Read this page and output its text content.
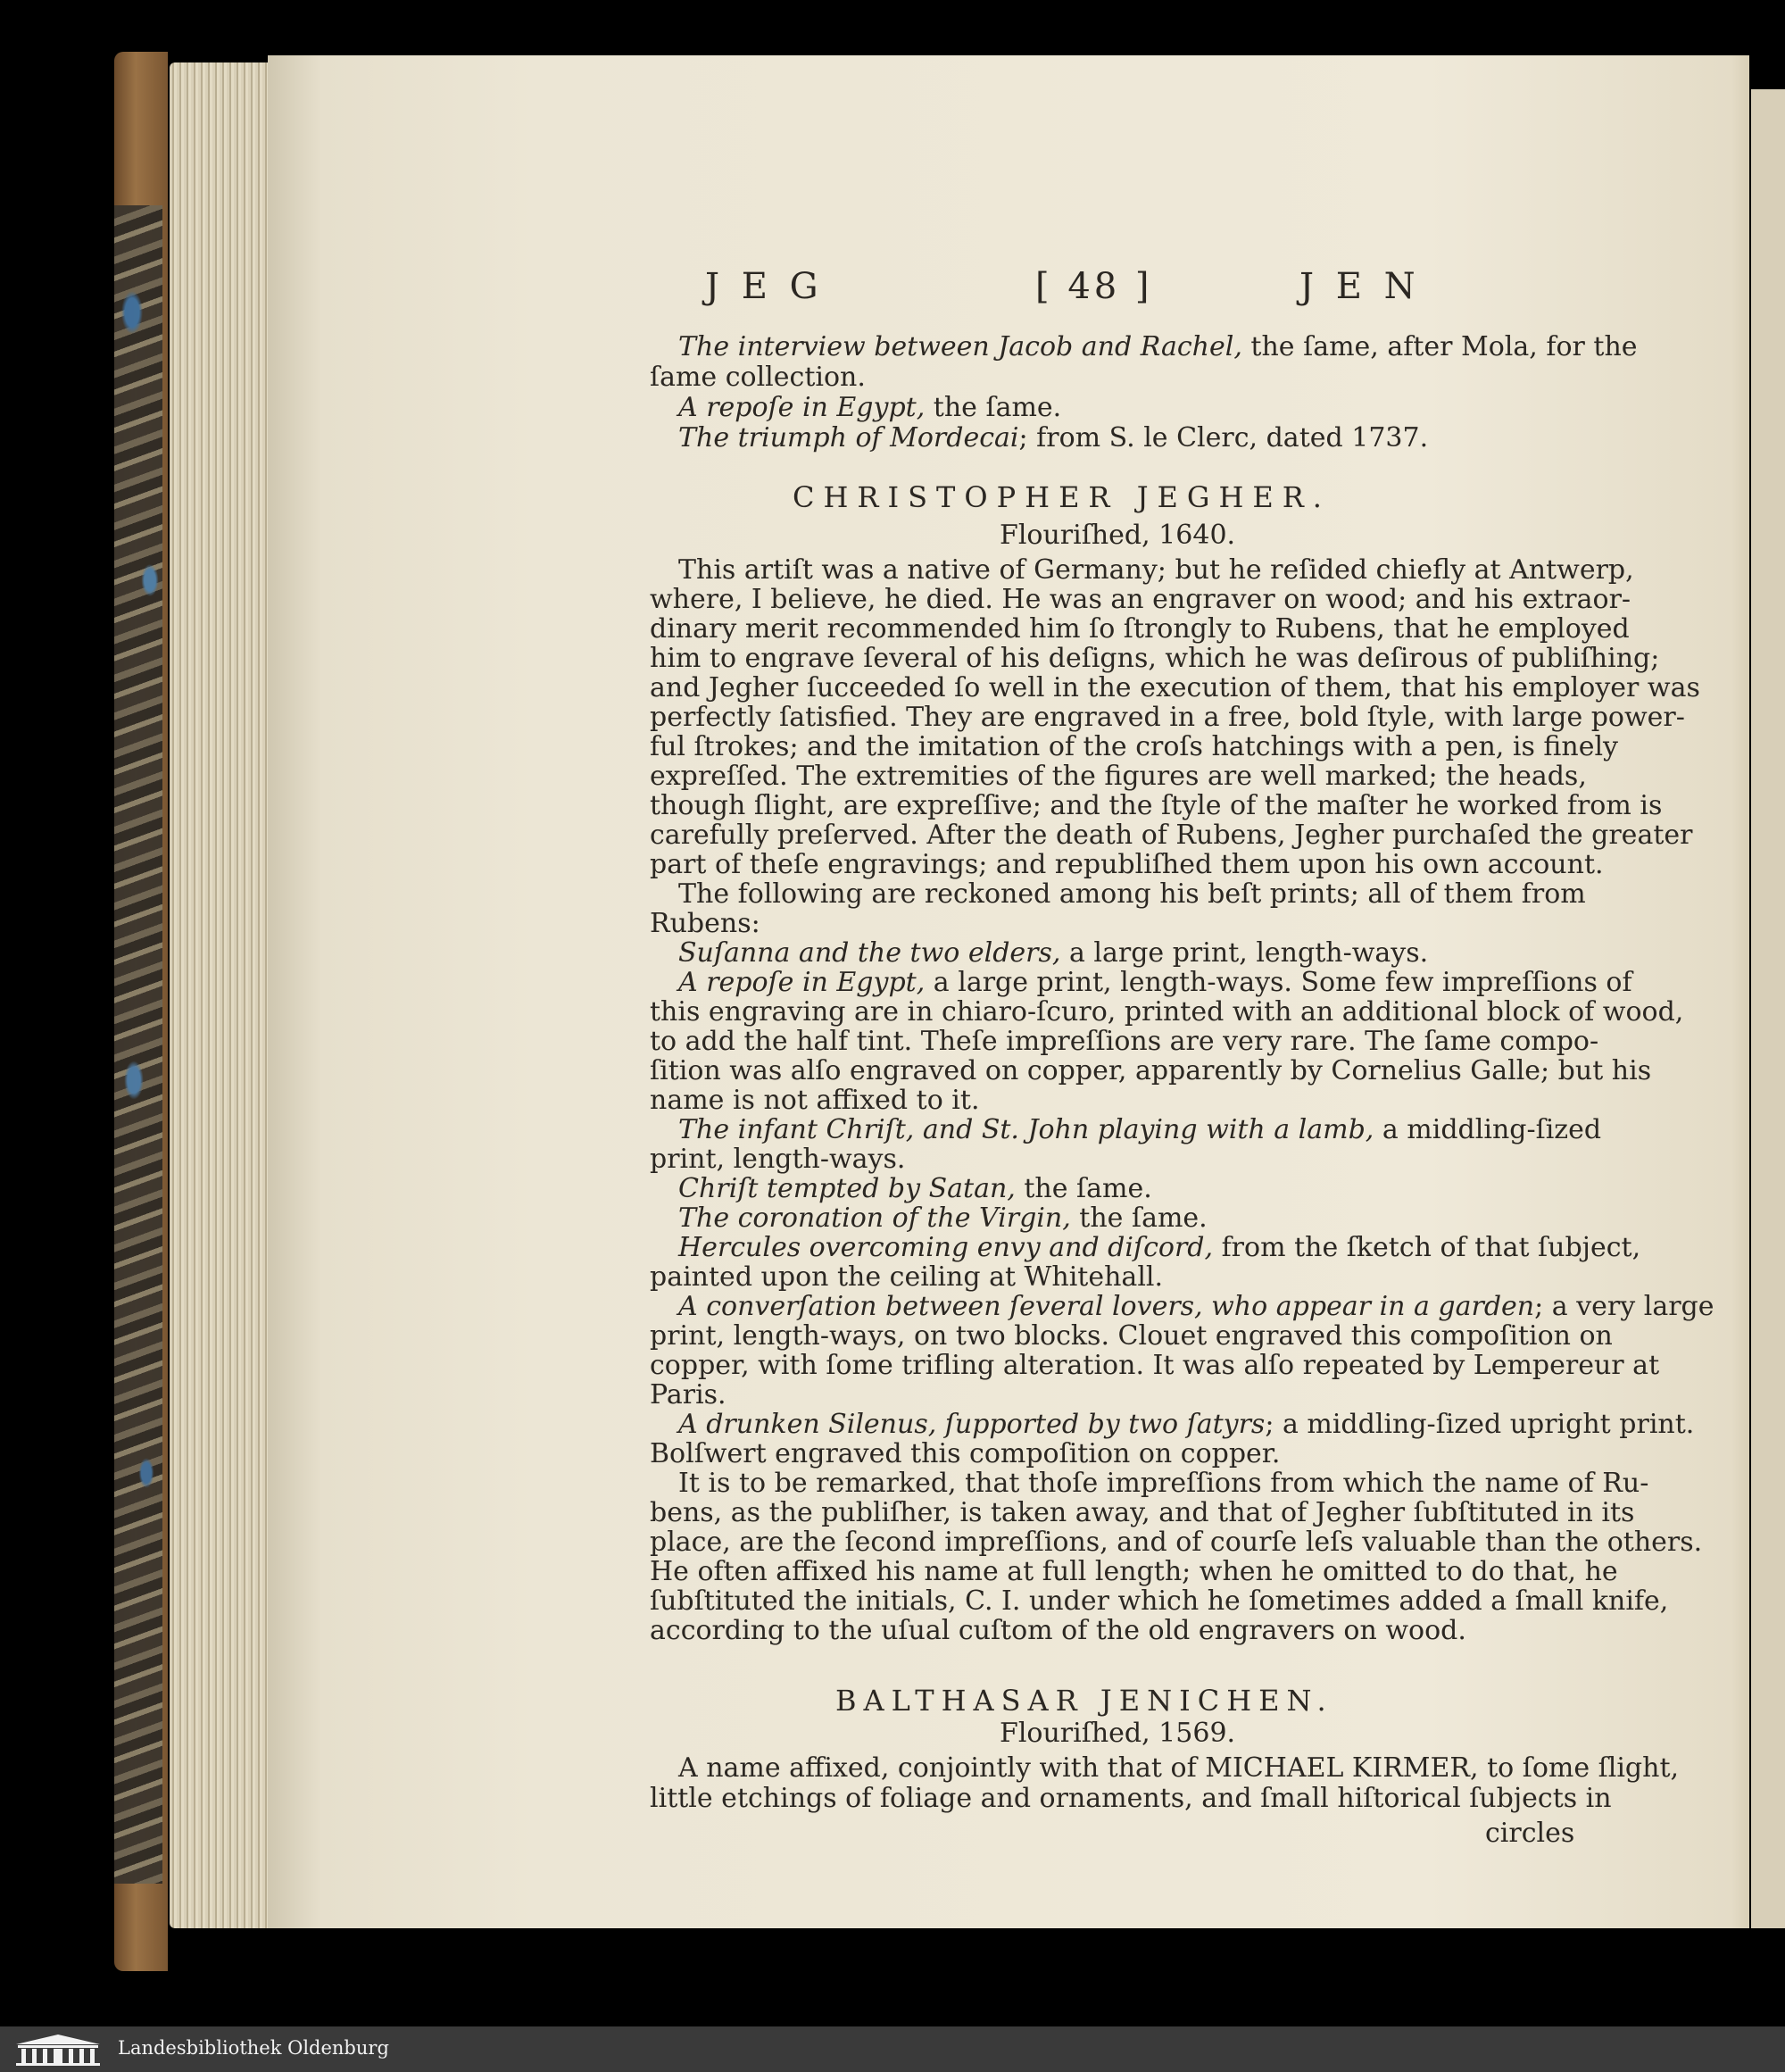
J E G	[ 48 ]	J E N
The interview between Jacob and Rachel, the ſame, after Mola, for the
ſame collection.
A repoſe in Egypt, the ſame.
The triumph of Mordecai; from S. le Clerc, dated 1737.
CHRISTOPHER JEGHER.
Flouriſhed, 1640.
This artiſt was a native of Germany; but he reſided chiefly at Antwerp,
where, I believe, he died. He was an engraver on wood; and his extraor-
dinary merit recommended him ſo ſtrongly to Rubens, that he employed
him to engrave ſeveral of his deſigns, which he was deſirous of publiſhing;
and Jegher ſucceeded ſo well in the execution of them, that his employer was
perfectly ſatisfied. They are engraved in a free, bold ſtyle, with large power-
ful ſtrokes; and the imitation of the croſs hatchings with a pen, is finely
expreſſed. The extremities of the figures are well marked; the heads,
though ſlight, are expreſſive; and the ſtyle of the maſter he worked from is
carefully preſerved. After the death of Rubens, Jegher purchaſed the greater
part of theſe engravings; and republiſhed them upon his own account.
The following are reckoned among his beſt prints; all of them from
Rubens:
Suſanna and the two elders, a large print, length-ways.
A repoſe in Egypt, a large print, length-ways. Some few impreſſions of
this engraving are in chiaro-ſcuro, printed with an additional block of wood,
to add the half tint. Theſe impreſſions are very rare. The ſame compo-
ſition was alſo engraved on copper, apparently by Cornelius Galle; but his
name is not affixed to it.
The infant Chriſt, and St. John playing with a lamb, a middling-ſized
print, length-ways.
Chriſt tempted by Satan, the ſame.
The coronation of the Virgin, the ſame.
Hercules overcoming envy and diſcord, from the ſketch of that ſubject,
painted upon the ceiling at Whitehall.
A converſation between ſeveral lovers, who appear in a garden; a very large
print, length-ways, on two blocks. Clouet engraved this compoſition on
copper, with ſome trifling alteration. It was alſo repeated by Lempereur at
Paris.
A drunken Silenus, ſupported by two ſatyrs; a middling-ſized upright print.
Bolſwert engraved this compoſition on copper.
It is to be remarked, that thoſe impreſſions from which the name of Ru-
bens, as the publiſher, is taken away, and that of Jegher ſubſtituted in its
place, are the ſecond impreſſions, and of courſe leſs valuable than the others.
He often affixed his name at full length; when he omitted to do that, he
ſubſtituted the initials, C. I. under which he ſometimes added a ſmall knife,
according to the uſual cuſtom of the old engravers on wood.
BALTHASAR JENICHEN.
Flouriſhed, 1569.
A name affixed, conjointly with that of MICHAEL KIRMER, to ſome ſlight,
little etchings of foliage and ornaments, and ſmall hiſtorical ſubjects in
circles
Landesbibliothek Oldenburg
